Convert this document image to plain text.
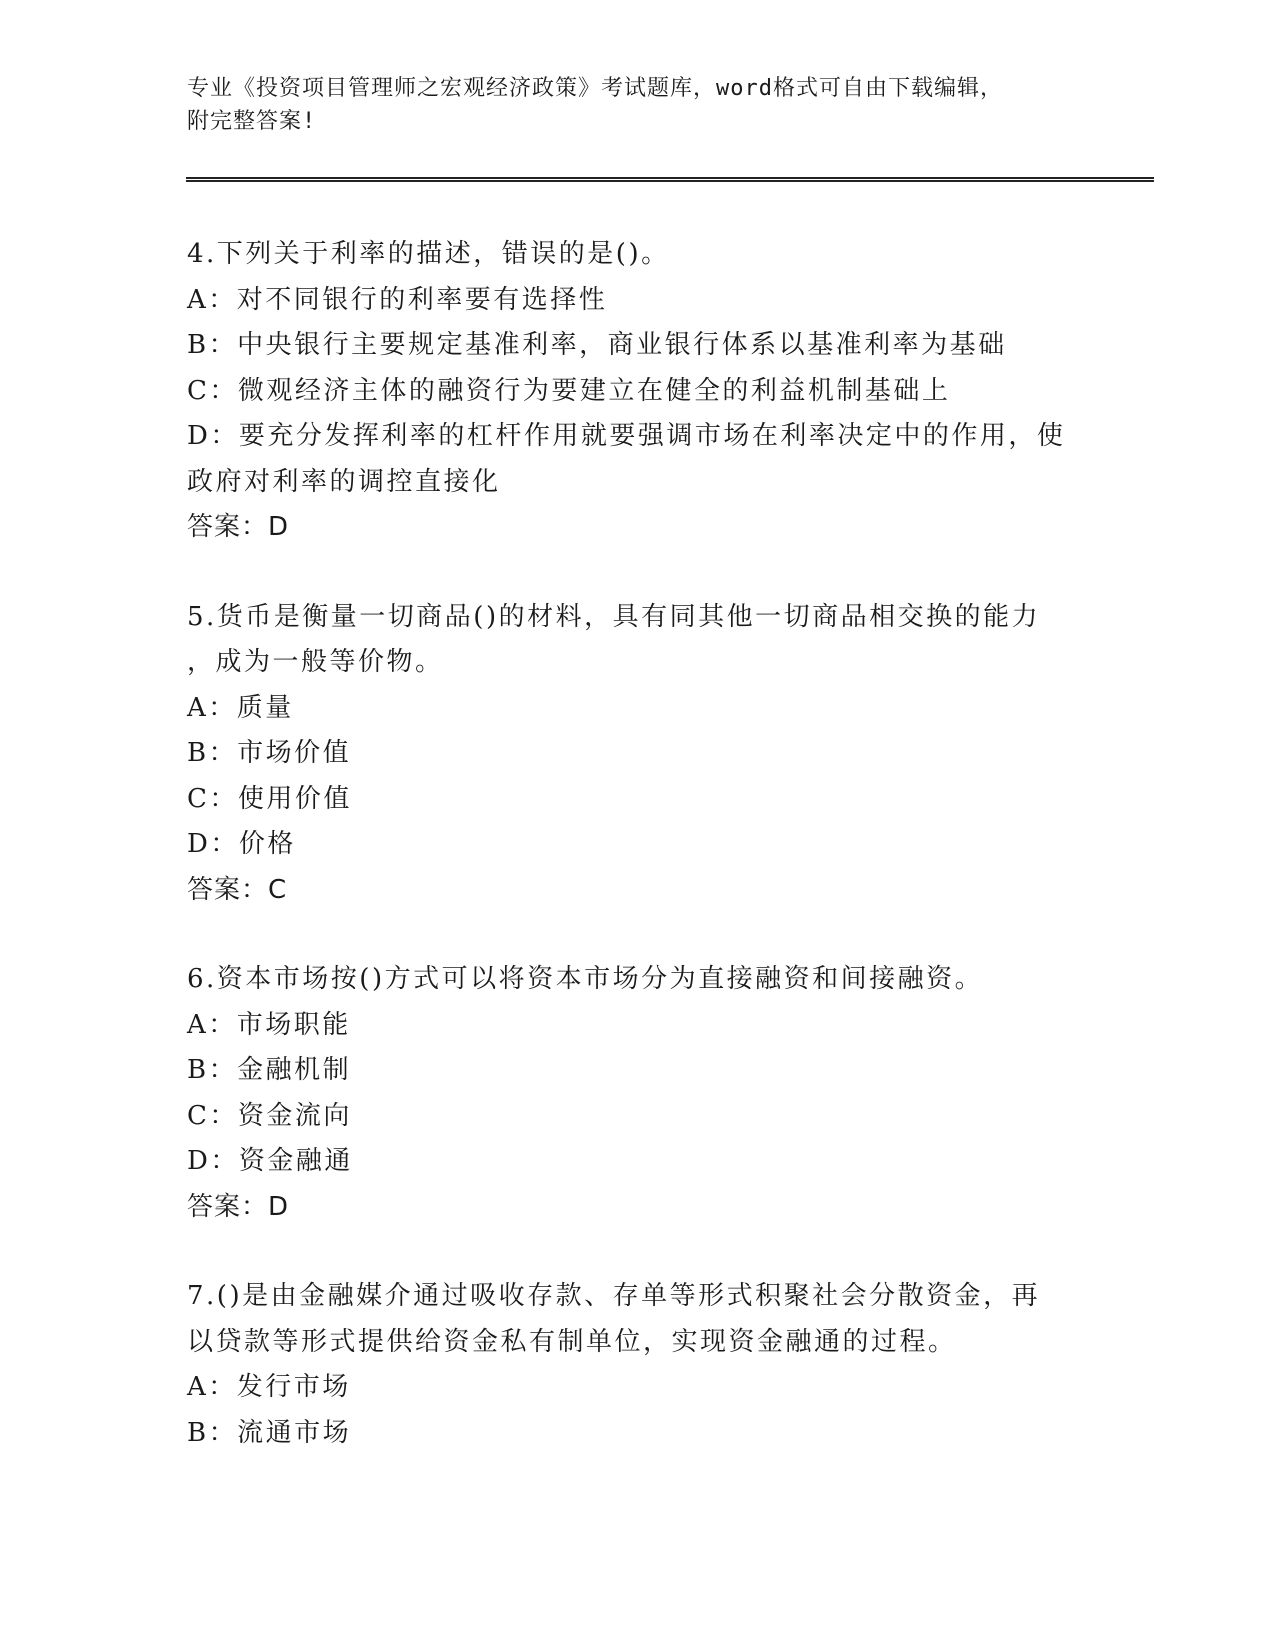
专业《投资项目管理师之宏观经济政策》考试题库，word格式可自由下载编辑，
附完整答案!
4.下列关于利率的描述，错误的是()。
A：对不同银行的利率要有选择性
B：中央银行主要规定基准利率，商业银行体系以基准利率为基础
C：微观经济主体的融资行为要建立在健全的利益机制基础上
D：要充分发挥利率的杠杆作用就要强调市场在利率决定中的作用，使
政府对利率的调控直接化
答案：D
5.货币是衡量一切商品()的材料，具有同其他一切商品相交换的能力
，成为一般等价物。
A：质量
B：市场价值
C：使用价值
D：价格
答案：C
6.资本市场按()方式可以将资本市场分为直接融资和间接融资。
A：市场职能
B：金融机制
C：资金流向
D：资金融通
答案：D
7.()是由金融媒介通过吸收存款、存单等形式积聚社会分散资金，再
以贷款等形式提供给资金私有制单位，实现资金融通的过程。
A：发行市场
B：流通市场
